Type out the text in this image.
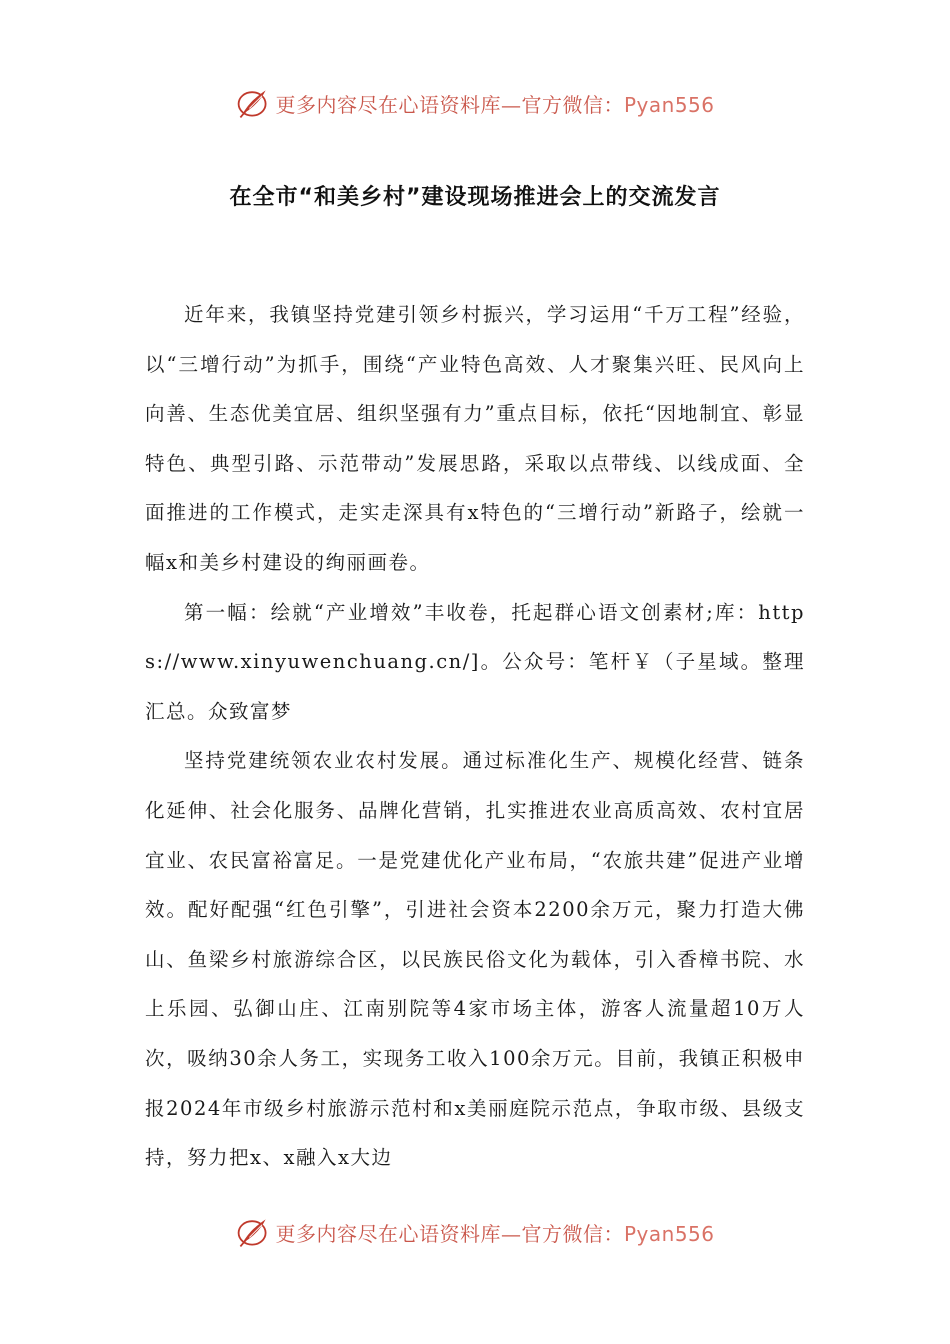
更多内容尽在心语资料库—官方微信：Pyan556
在全市“和美乡村”建设现场推进会上的交流发言

近年来，我镇坚持党建引领乡村振兴，学习运用“千万工程”经验，以“三增行动”为抓手，围绕“产业特色高效、人才聚集兴旺、民风向上向善、生态优美宜居、组织坚强有力”重点目标，依托“因地制宜、彰显特色、典型引路、示范带动”发展思路，采取以点带线、以线成面、全面推进的工作模式，走实走深具有x特色的“三增行动”新路子，绘就一幅x和美乡村建设的绚丽画卷。

第一幅：绘就“产业增效”丰收卷，托起群心语文创素材;库：https://www.xinyuwenchuang.cn/]。公众号：笔杆￥（子星域。整理汇总。众致富梦

坚持党建统领农业农村发展。通过标准化生产、规模化经营、链条化延伸、社会化服务、品牌化营销，扎实推进农业高质高效、农村宜居宜业、农民富裕富足。一是党建优化产业布局，“农旅共建”促进产业增效。配好配强“红色引擎”，引进社会资本2200余万元，聚力打造大佛山、鱼梁乡村旅游综合区，以民族民俗文化为载体，引入香樟书院、水上乐园、弘御山庄、江南别院等4家市场主体，游客人流量超10万人次，吸纳30余人务工，实现务工收入100余万元。目前，我镇正积极申报2024年市级乡村旅游示范村和x美丽庭院示范点，争取市级、县级支持，努力把x、x融入x大边

更多内容尽在心语资料库—官方微信：Pyan556
